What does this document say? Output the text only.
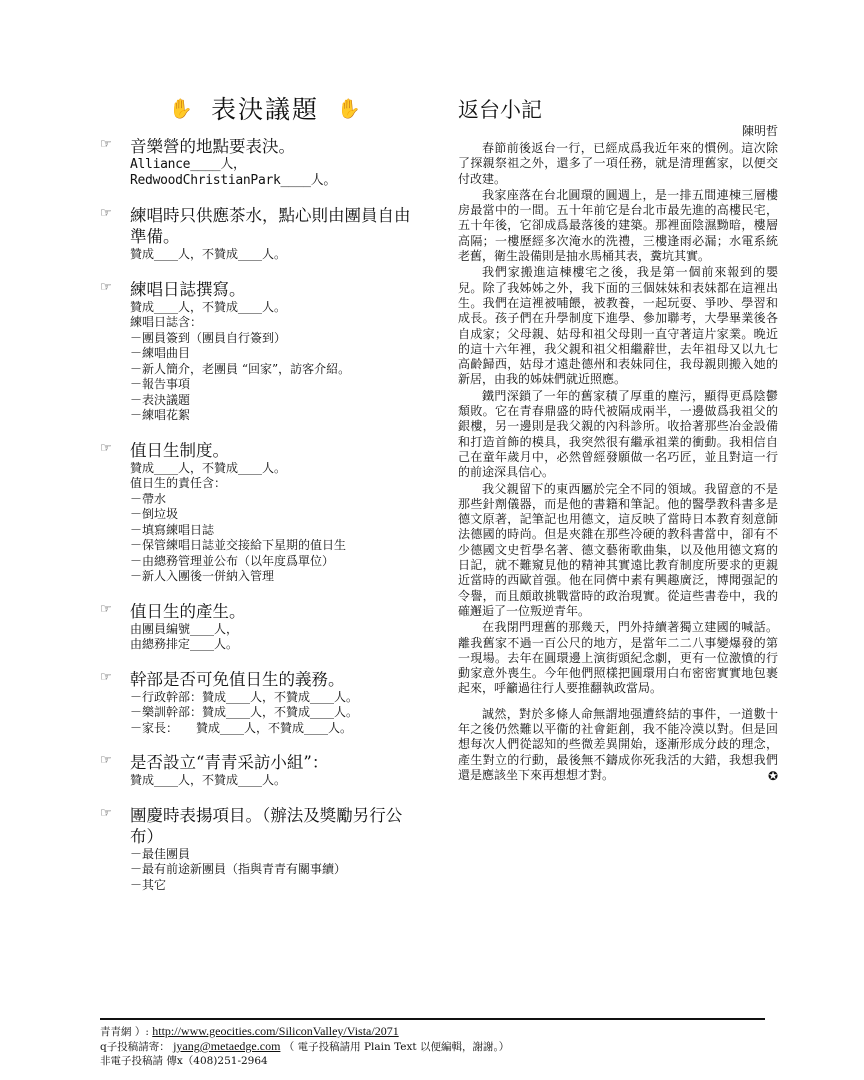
✋ 表決議題 ✋
☞ 音樂營的地點要表決。
Alliance____人，
RedwoodChristianPark____人。
☞ 練唱時只供應茶水，點心則由團員自由準備。
贊成____人，不贊成____人。
☞ 練唱日誌撰寫。
贊成____人，不贊成____人。
練唱日誌含：
－團員簽到（團員自行簽到）
－練唱曲目
－新人簡介，老團員 “回家”，訪客介紹。
－報告事項
－表決議題
－練唱花絮
☞ 值日生制度。
贊成____人，不贊成____人。
值日生的責任含：
－帶水
－倒垃圾
－填寫練唱日誌
－保管練唱日誌並交接給下星期的值日生
－由總務管理並公布（以年度爲單位）
－新人入團後一併納入管理
☞ 值日生的產生。
由團員編號____人，
由總務排定____人。
☞ 幹部是否可免值日生的義務。
－行政幹部：贊成____人，不贊成____人。
－樂訓幹部：贊成____人，不贊成____人。
－家長：　　贊成____人，不贊成____人。
☞ 是否設立“青青采訪小組”：
贊成____人，不贊成____人。
☞ 團慶時表揚項目。（辦法及獎勵另行公布）
－最佳團員
－最有前途新團員（指與青青有關事續）
－其它
返台小記
陳明哲

春節前後返台一行，已經成爲我近年來的慣例。這次除了探親祭祖之外，還多了一項任務，就是清理舊家，以便交付改建。

我家座落在台北圓環的圓週上，是一排五間連棟三層樓房最當中的一間。五十年前它是台北市最先進的高樓民宅，五十年後，它卻成爲最落後的建築。那裡面陰濕黝暗，樓層高隔；一樓歷經多次淹水的洗禮，三樓逢雨必漏；水電系統老舊，衛生設備則是抽水馬桶其表，糞坑其實。

我們家搬進這棟樓宅之後，我是第一個前來報到的嬰兒。除了我姊姊之外，我下面的三個妹妹和表妹都在這裡出生。我們在這裡被哺餵，被教養，一起玩耍、爭吵、學習和成長。孩子們在升學制度下進學、參加聯考，大學畢業後各自成家；父母親、姑母和祖父母則一直守著這片家業。晚近的這十六年裡，我父親和祖父相繼辭世，去年祖母又以九七高齡歸西，姑母才遠赴德州和表妹同住，我母親則搬入她的新居，由我的姊妹們就近照應。

鐵門深鎖了一年的舊家積了厚重的塵污，顯得更爲陰鬱頹敗。它在青春鼎盛的時代被隔成兩半，一邊做爲我祖父的銀樓，另一邊則是我父親的內科診所。收拾著那些冶金設備和打造首飾的模具，我突然很有繼承祖業的衝動。我相信自己在童年歲月中，必然曾經發願做一名巧匠，並且對這一行的前途深具信心。

我父親留下的東西屬於完全不同的領域。我留意的不是那些針劑儀器，而是他的書籍和筆記。他的醫學教科書多是德文原著，記筆記也用德文，這反映了當時日本教育刻意師法德國的時尚。但是夾雜在那些冷硬的教科書當中，卻有不少德國文史哲學名著、德文藝術歌曲集，以及他用德文寫的日記，就不難窺見他的精神其實遠比教育制度所要求的更親近當時的西歐首强。他在同儕中素有興趣廣泛，博聞强記的令譽，而且頗敢挑戰當時的政治現實。從這些書卷中，我的確邂逅了一位叛逆青年。

在我閉門理舊的那幾天，門外持續著獨立建國的喊話。離我舊家不過一百公尺的地方，是當年二二八事變爆發的第一現場。去年在圓環邊上演街頭紀念劇，更有一位激憤的行動家意外喪生。今年他們照樣把圓環用白布密密實實地包裹起來，呼籲過往行人要推翻執政當局。

誠然，對於多條人命無謂地强遭終結的事件，一道數十年之後仍然難以平衞的社會鉅創，我不能冷漠以對。但是回想每次人們從認知的些微差異開始，逐漸形成分歧的理念，產生對立的行動，最後無不鑄成你死我活的大錯，我想我們還是應該坐下來再想想才對。	✪
青青網 ）: http://www.geocities.com/SiliconValley/Vista/2071
q子投稿請寄： jyang@metaedge.com （ 電子投稿請用 Plain Text 以便編輯，謝謝。）
非電子投稿請 傳x（408)251-2964
